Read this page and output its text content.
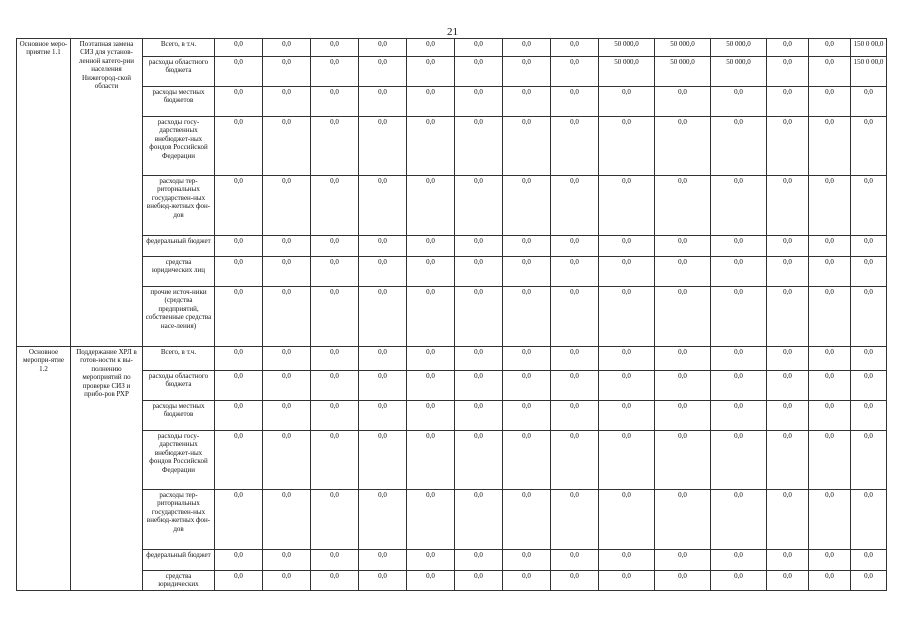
21
Основное меро-приятие 1.1	Поэтапная замена СИЗ для установ-ленной катего-рии населения Нижегород-ской области	Всего, в т.ч.	0,0	0,0	0,0	0,0	0,0	0,0	0,0	0,0	50 000,0	50 000,0	50 000,0	0,0	0,0	150 0 00,0
		расходы областного бюджета	0,0	0,0	0,0	0,0	0,0	0,0	0,0	0,0	50 000,0	50 000,0	50 000,0	0,0	0,0	150 0 00,0
		расходы местных бюджетов	0,0	0,0	0,0	0,0	0,0	0,0	0,0	0,0	0,0	0,0	0,0	0,0	0,0	0,0
		расходы госу-дарственных внебюджет-ных фондов Российской Федерации	0,0	0,0	0,0	0,0	0,0	0,0	0,0	0,0	0,0	0,0	0,0	0,0	0,0	0,0
		расходы тер-риториальных государствен-ных внебюд-жетных фон-дов	0,0	0,0	0,0	0,0	0,0	0,0	0,0	0,0	0,0	0,0	0,0	0,0	0,0	0,0
		федеральный бюджет	0,0	0,0	0,0	0,0	0,0	0,0	0,0	0,0	0,0	0,0	0,0	0,0	0,0	0,0
		средства юридических лиц	0,0	0,0	0,0	0,0	0,0	0,0	0,0	0,0	0,0	0,0	0,0	0,0	0,0	0,0
		прочие источ-ники (средства предприятий, собственные средства насе-ления)	0,0	0,0	0,0	0,0	0,0	0,0	0,0	0,0	0,0	0,0	0,0	0,0	0,0	0,0
Основное меропри-ятие 1.2	Поддержание ХРЛ в готов-ности к вы-полнению мероприятий по проверке СИЗ и прибо-ров РХР	Всего, в т.ч.	0,0	0,0	0,0	0,0	0,0	0,0	0,0	0,0	0,0	0,0	0,0	0,0	0,0	0,0
		расходы областного бюджета	0,0	0,0	0,0	0,0	0,0	0,0	0,0	0,0	0,0	0,0	0,0	0,0	0,0	0,0
		расходы местных бюджетов	0,0	0,0	0,0	0,0	0,0	0,0	0,0	0,0	0,0	0,0	0,0	0,0	0,0	0,0
		расходы госу-дарственных внебюджет-ных фондов Российской Федерации	0,0	0,0	0,0	0,0	0,0	0,0	0,0	0,0	0,0	0,0	0,0	0,0	0,0	0,0
		расходы тер-риториальных государствен-ных внебюд-жетных фон-дов	0,0	0,0	0,0	0,0	0,0	0,0	0,0	0,0	0,0	0,0	0,0	0,0	0,0	0,0
		федеральный бюджет	0,0	0,0	0,0	0,0	0,0	0,0	0,0	0,0	0,0	0,0	0,0	0,0	0,0	0,0
		средства юридических	0,0	0,0	0,0	0,0	0,0	0,0	0,0	0,0	0,0	0,0	0,0	0,0	0,0	0,0
